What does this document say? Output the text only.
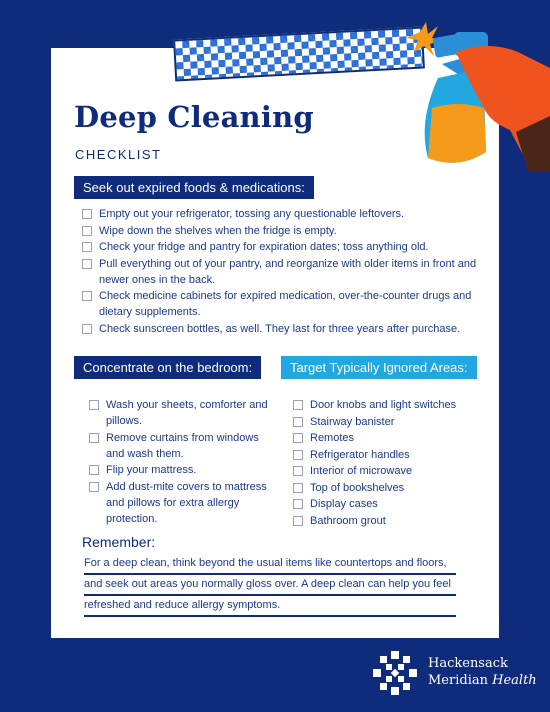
Deep Cleaning
CHECKLIST
Seek out expired foods & medications:
Empty out your refrigerator, tossing any questionable leftovers.
Wipe down the shelves when the fridge is empty.
Check your fridge and pantry for expiration dates; toss anything old.
Pull everything out of your pantry, and reorganize with older items in front and newer ones in the back.
Check medicine cabinets for expired medication, over-the-counter drugs and dietary supplements.
Check sunscreen bottles, as well. They last for three years after purchase.
Concentrate on the bedroom:
Wash your sheets, comforter and pillows.
Remove curtains from windows and wash them.
Flip your mattress.
Add dust-mite covers to mattress and pillows for extra allergy protection.
Target Typically Ignored Areas:
Door knobs and light switches
Stairway banister
Remotes
Refrigerator handles
Interior of microwave
Top of bookshelves
Display cases
Bathroom grout
Remember:
For a deep clean, think beyond the usual items like countertops and floors,
and seek out areas you normally gloss over. A deep clean can help you feel
refreshed and reduce allergy symptoms.
Hackensack
Meridian Health
